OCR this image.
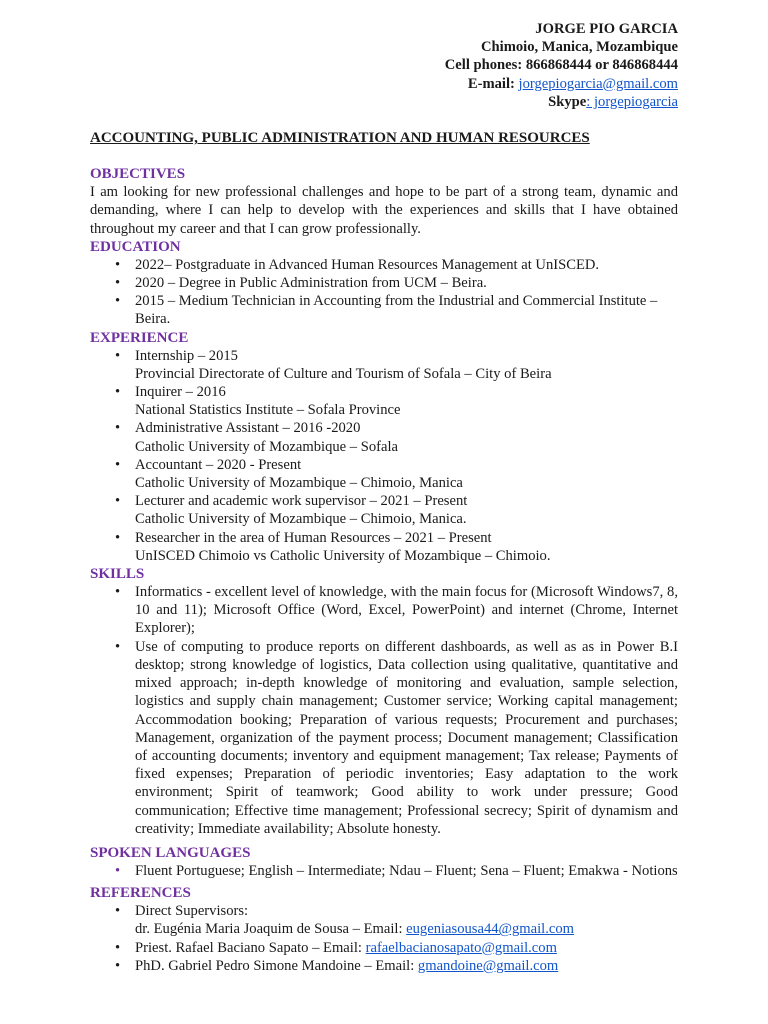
JORGE PIO GARCIA
Chimoio, Manica, Mozambique
Cell phones: 866868444 or 846868444
E-mail: jorgepiogarcia@gmail.com
Skype: jorgepiogarcia
ACCOUNTING, PUBLIC ADMINISTRATION AND HUMAN RESOURCES
OBJECTIVES
I am looking for new professional challenges and hope to be part of a strong team, dynamic and demanding, where I can help to develop with the experiences and skills that I have obtained throughout my career and that I can grow professionally.
EDUCATION
• 2022– Postgraduate in Advanced Human Resources Management at UnISCED.
• 2020 – Degree in Public Administration from UCM – Beira.
• 2015 – Medium Technician in Accounting from the Industrial and Commercial Institute – Beira.
EXPERIENCE
• Internship – 2015
Provincial Directorate of Culture and Tourism of Sofala – City of Beira
• Inquirer – 2016
National Statistics Institute – Sofala Province
• Administrative Assistant – 2016 -2020
Catholic University of Mozambique – Sofala
• Accountant – 2020 - Present
Catholic University of Mozambique – Chimoio, Manica
• Lecturer and academic work supervisor – 2021 – Present
Catholic University of Mozambique – Chimoio, Manica.
• Researcher in the area of Human Resources – 2021 – Present
UnISCED Chimoio vs Catholic University of Mozambique – Chimoio.
SKILLS
• Informatics - excellent level of knowledge, with the main focus for (Microsoft Windows7, 8, 10 and 11); Microsoft Office (Word, Excel, PowerPoint) and internet (Chrome, Internet Explorer);
• Use of computing to produce reports on different dashboards, as well as as in Power B.I desktop; strong knowledge of logistics, Data collection using qualitative, quantitative and mixed approach; in-depth knowledge of monitoring and evaluation, sample selection, logistics and supply chain management; Customer service; Working capital management; Accommodation booking; Preparation of various requests; Procurement and purchases; Management, organization of the payment process; Document management; Classification of accounting documents; inventory and equipment management; Tax release; Payments of fixed expenses; Preparation of periodic inventories; Easy adaptation to the work environment; Spirit of teamwork; Good ability to work under pressure; Good communication; Effective time management; Professional secrecy; Spirit of dynamism and creativity; Immediate availability; Absolute honesty.
SPOKEN LANGUAGES
• Fluent Portuguese; English – Intermediate; Ndau – Fluent; Sena – Fluent; Emakwa - Notions
REFERENCES
• Direct Supervisors:
dr. Eugénia Maria Joaquim de Sousa – Email: eugeniasousa44@gmail.com
• Priest. Rafael Baciano Sapato – Email: rafaelbacianosapato@gmail.com
• PhD. Gabriel Pedro Simone Mandoine – Email: gmandoine@gmail.com
